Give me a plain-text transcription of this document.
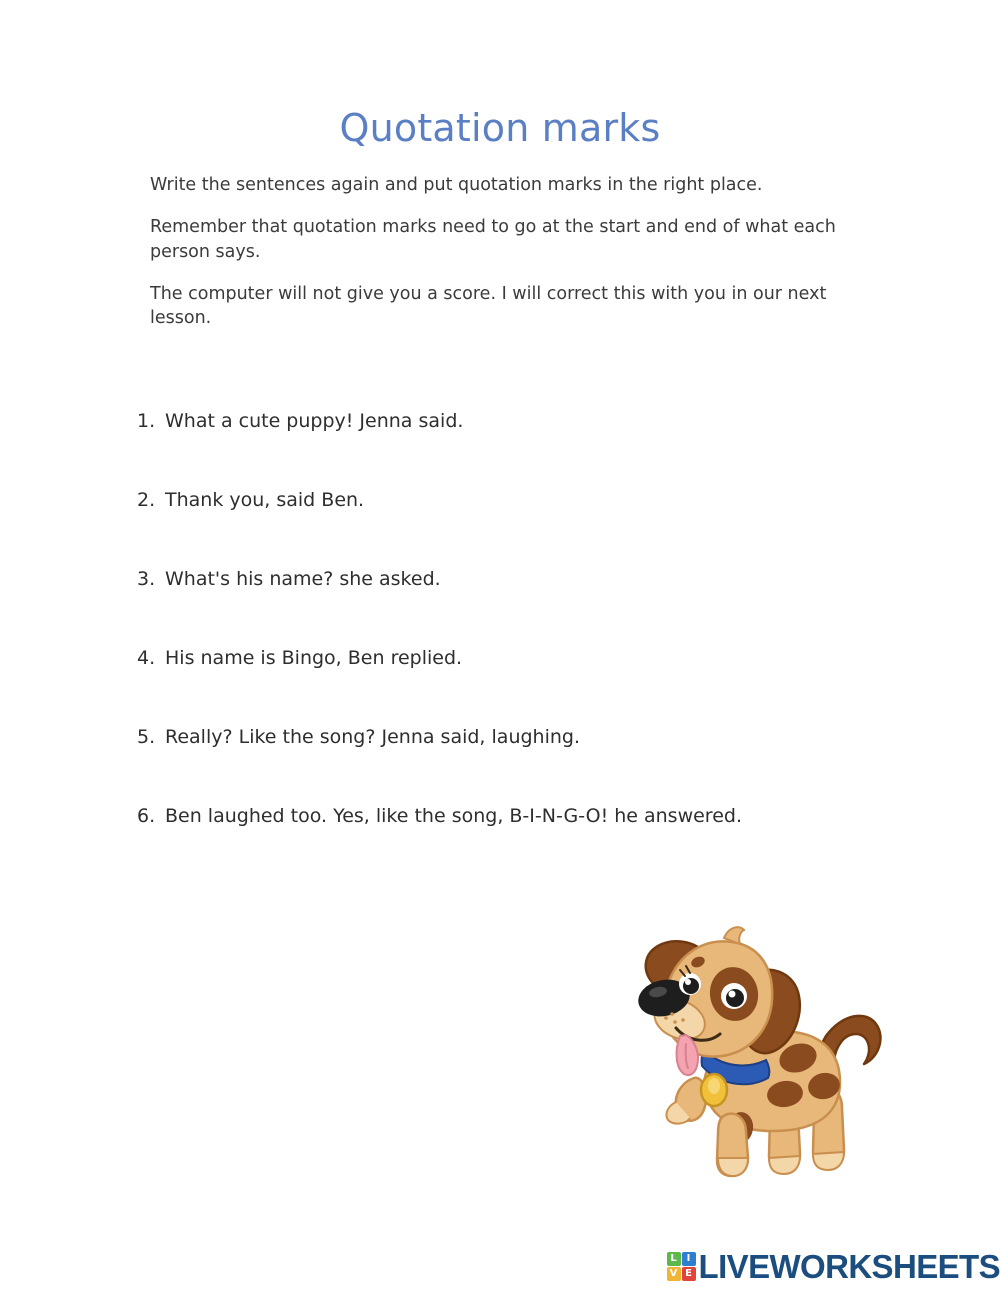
Quotation marks

Write the sentences again and put quotation marks in the right place.

Remember that quotation marks need to go at the start and end of what each person says.

The computer will not give you a score. I will correct this with you in our next lesson.

1. What a cute puppy! Jenna said.
2. Thank you, said Ben.
3. What's his name? she asked.
4. His name is Bingo, Ben replied.
5. Really? Like the song? Jenna said, laughing.
6. Ben laughed too. Yes, like the song, B-I-N-G-O! he answered.
L I
V E LIVEWORKSHEETS
